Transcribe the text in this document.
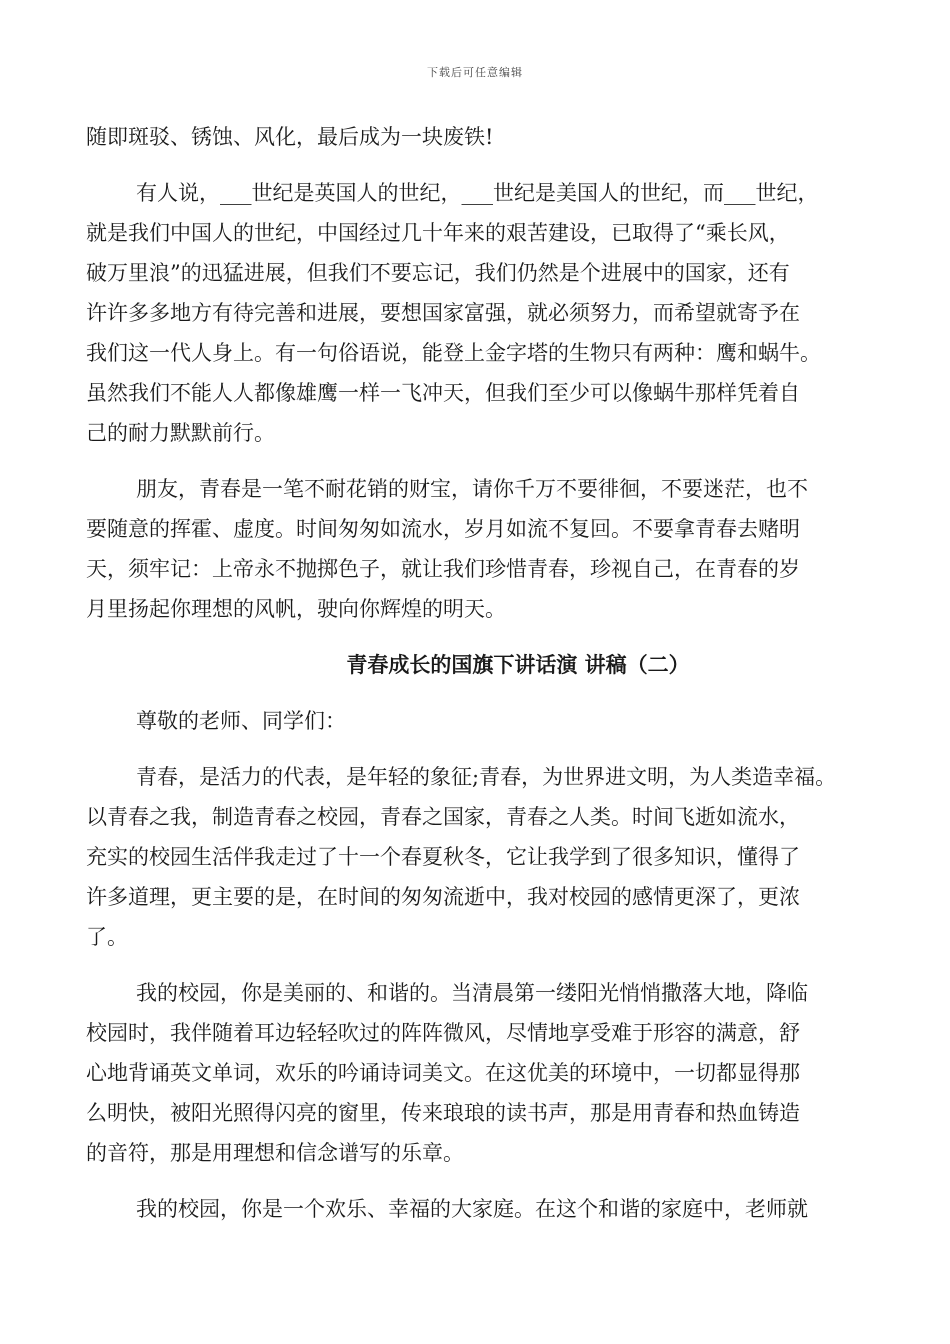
下载后可任意编辑
随即斑驳、锈蚀、风化，最后成为一块废铁!
有人说，___世纪是英国人的世纪，___世纪是美国人的世纪，而___世纪，
就是我们中国人的世纪，中国经过几十年来的艰苦建设，已取得了“乘长风，
破万里浪”的迅猛进展，但我们不要忘记，我们仍然是个进展中的国家，还有
许许多多地方有待完善和进展，要想国家富强，就必须努力，而希望就寄予在
我们这一代人身上。有一句俗语说，能登上金字塔的生物只有两种：鹰和蜗牛。
虽然我们不能人人都像雄鹰一样一飞冲天，但我们至少可以像蜗牛那样凭着自
己的耐力默默前行。
朋友，青春是一笔不耐花销的财宝，请你千万不要徘徊，不要迷茫，也不
要随意的挥霍、虚度。时间匆匆如流水，岁月如流不复回。不要拿青春去赌明
天，须牢记：上帝永不抛掷色子，就让我们珍惜青春，珍视自己，在青春的岁
月里扬起你理想的风帆，驶向你辉煌的明天。
青春成长的国旗下讲话演 讲稿（二）
尊敬的老师、同学们：
青春，是活力的代表，是年轻的象征;青春，为世界进文明，为人类造幸福。
以青春之我，制造青春之校园，青春之国家，青春之人类。时间飞逝如流水，
充实的校园生活伴我走过了十一个春夏秋冬，它让我学到了很多知识，懂得了
许多道理，更主要的是，在时间的匆匆流逝中，我对校园的感情更深了，更浓
了。
我的校园，你是美丽的、和谐的。当清晨第一缕阳光悄悄撒落大地，降临
校园时，我伴随着耳边轻轻吹过的阵阵微风，尽情地享受难于形容的满意，舒
心地背诵英文单词，欢乐的吟诵诗词美文。在这优美的环境中，一切都显得那
么明快，被阳光照得闪亮的窗里，传来琅琅的读书声，那是用青春和热血铸造
的音符，那是用理想和信念谱写的乐章。
我的校园，你是一个欢乐、幸福的大家庭。在这个和谐的家庭中，老师就
